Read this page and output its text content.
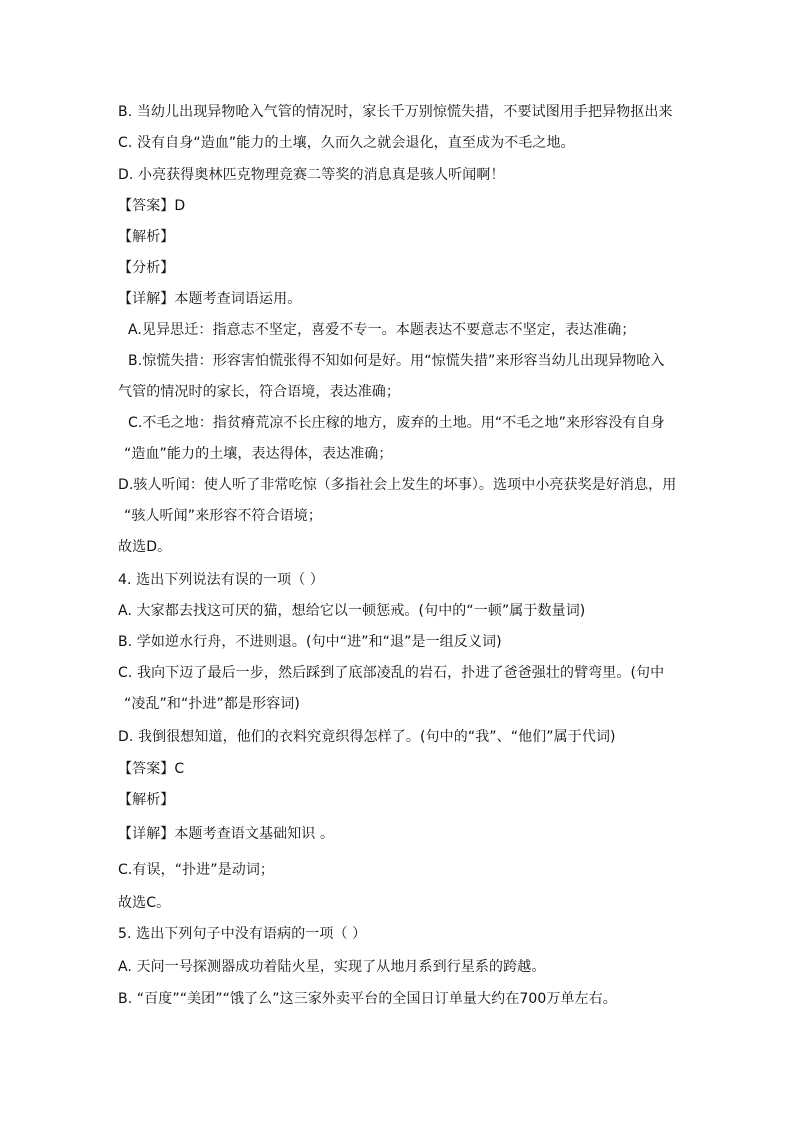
B. 当幼儿出现异物呛入气管的情况时，家长千万别惊慌失措，不要试图用手把异物抠出来
C. 没有自身“造血”能力的土壤，久而久之就会退化，直至成为不毛之地。
D. 小亮获得奥林匹克物理竞赛二等奖的消息真是骇人听闻啊！
【答案】D
【解析】
【分析】
【详解】本题考查词语运用。
A.见异思迁：指意志不坚定，喜爱不专一。本题表达不要意志不坚定，表达准确；
B.惊慌失措：形容害怕慌张得不知如何是好。用“惊慌失措”来形容当幼儿出现异物呛入
气管的情况时的家长，符合语境，表达准确；
C.不毛之地：指贫瘠荒凉不长庄稼的地方，废弃的土地。用“不毛之地”来形容没有自身
“造血”能力的土壤，表达得体，表达准确；
D.骇人听闻：使人听了非常吃惊（多指社会上发生的坏事）。选项中小亮获奖是好消息，用
“骇人听闻”来形容不符合语境；
故选D。
4. 选出下列说法有误的一项（ ）
A. 大家都去找这可厌的猫，想给它以一顿惩戒。(句中的“一顿”属于数量词)
B. 学如逆水行舟，不进则退。(句中“进”和“退”是一组反义词)
C. 我向下迈了最后一步，然后踩到了底部凌乱的岩石，扑进了爸爸强壮的臂弯里。(句中
“凌乱”和“扑进”都是形容词)
D. 我倒很想知道，他们的衣料究竟织得怎样了。(句中的“我”、“他们”属于代词)
【答案】C
【解析】
【详解】本题考查语文基础知识 。
C.有误，“扑进”是动词；
故选C。
5. 选出下列句子中没有语病的一项（ ）
A. 天问一号探测器成功着陆火星，实现了从地月系到行星系的跨越。
B. “百度”“美团”“饿了么”这三家外卖平台的全国日订单量大约在700万单左右。
